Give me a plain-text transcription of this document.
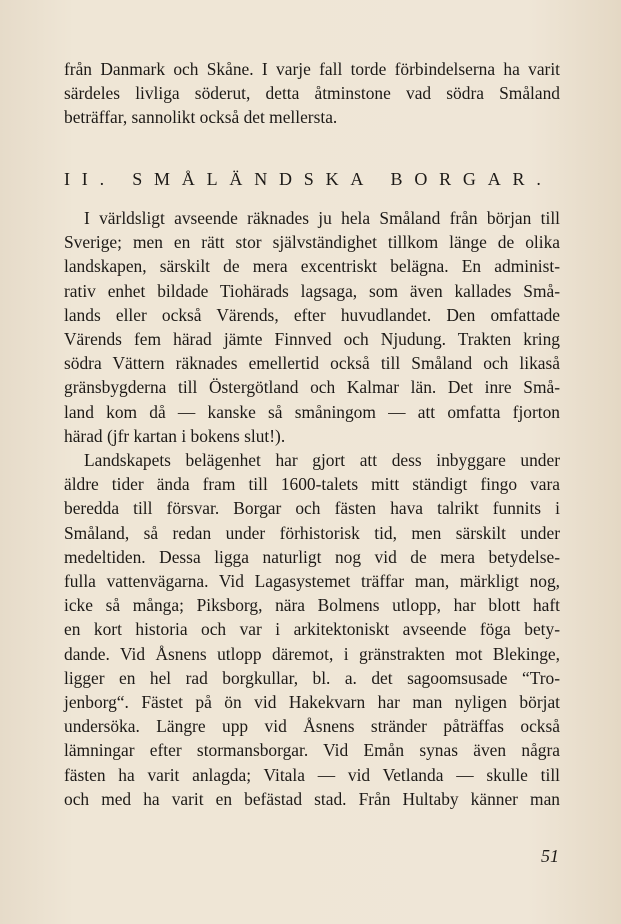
från Danmark och Skåne. I varje fall torde förbindelserna ha varit
särdeles livliga söderut, detta åtminstone vad södra Småland
beträffar, sannolikt också det mellersta.
II. SMÅLÄNDSKA BORGAR.
I världsligt avseende räknades ju hela Småland från början till
Sverige; men en rätt stor självständighet tillkom länge de olika
landskapen, särskilt de mera excentriskt belägna. En administ-
rativ enhet bildade Tiohärads lagsaga, som även kallades Små-
lands eller också Värends, efter huvudlandet. Den omfattade
Värends fem härad jämte Finnved och Njudung. Trakten kring
södra Vättern räknades emellertid också till Småland och likaså
gränsbygderna till Östergötland och Kalmar län. Det inre Små-
land kom då — kanske så småningom — att omfatta fjorton
härad (jfr kartan i bokens slut!).
Landskapets belägenhet har gjort att dess inbyggare under
äldre tider ända fram till 1600-talets mitt ständigt fingo vara
beredda till försvar. Borgar och fästen hava talrikt funnits i
Småland, så redan under förhistorisk tid, men särskilt under
medeltiden. Dessa ligga naturligt nog vid de mera betydelse-
fulla vattenvägarna. Vid Lagasystemet träffar man, märkligt nog,
icke så många; Piksborg, nära Bolmens utlopp, har blott haft
en kort historia och var i arkitektoniskt avseende föga bety-
dande. Vid Åsnens utlopp däremot, i gränstrakten mot Blekinge,
ligger en hel rad borgkullar, bl. a. det sagoomsusade “Tro-
jenborg“. Fästet på ön vid Hakekvarn har man nyligen börjat
undersöka. Längre upp vid Åsnens stränder påträffas också
lämningar efter stormansborgar. Vid Emån synas även några
fästen ha varit anlagda; Vitala — vid Vetlanda — skulle till
och med ha varit en befästad stad. Från Hultaby känner man
51
